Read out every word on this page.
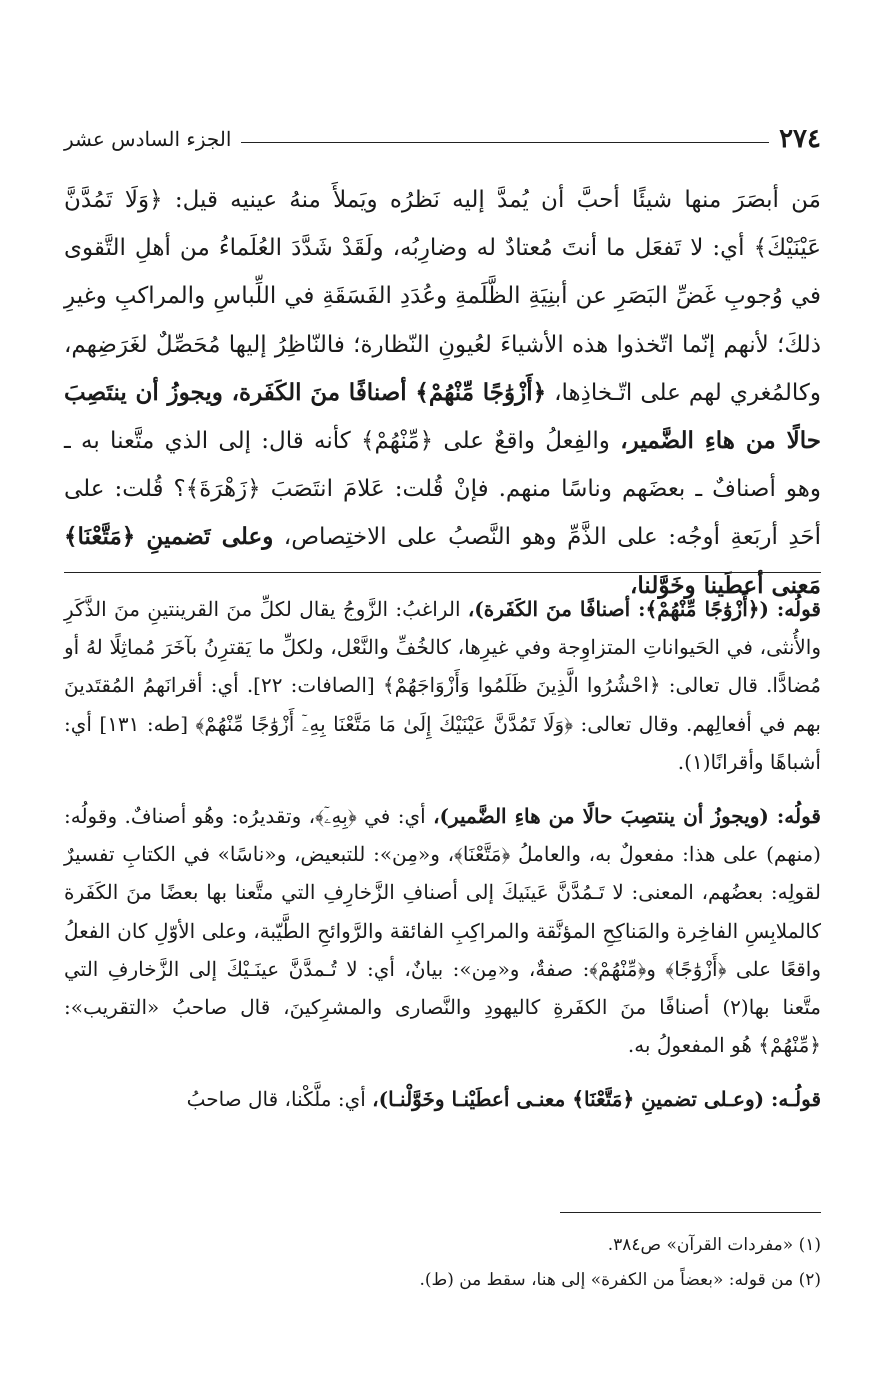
٢٧٤
الجزء السادس عشر

مَن أبصَرَ منها شيئًا أحبَّ أن يُمدَّ إليه نَظرُه ويَملأَ منهُ عينيه قيل: ﴿وَلَا تَمُدَّنَّ عَيْنَيْكَ﴾ أي: لا تَفعَل ما أنتَ مُعتادٌ له وضارِبُه، ولَقَدْ شَدَّدَ العُلَماءُ من أهلِ التَّقوى في وُجوبِ غَضِّ البَصَرِ عن أبنِيَةِ الظَّلَمةِ وعُدَدِ الفَسَقَةِ في اللِّباسِ والمراكبِ وغيرِ ذلكَ؛ لأنهم إنّما اتّخذوا هذه الأشياءَ لعُيونِ النّظارة؛ فالنّاظِرُ إليها مُحَصِّلٌ لغَرَضِهم، وكالمُغري لهم على اتّـخاذِها، ﴿أَزْوَٰجًا مِّنْهُمْ﴾ أصنافًا منَ الكَفَرة، ويجوزُ أن ينتَصِبَ حالًا من هاءِ الضَّمير، والفِعلُ واقعٌ على ﴿مِّنْهُمْ﴾ كأنه قال: إلى الذي متَّعنا به ـ وهو أصنافٌ ـ بعضَهم وناسًا منهم. فإنْ قُلت: عَلامَ انتَصَبَ ﴿زَهْرَةَ﴾؟ قُلت: على أحَدِ أربَعةِ أوجُه: على الذَّمِّ وهو النَّصبُ على الاختِصاص، وعلى تَضمينِ ﴿مَتَّعْنَا﴾ مَعنى أعطَينا وخَوَّلنا،

قولُه: (﴿أَزْوَٰجًا مِّنْهُمْ﴾: أصنافًا منَ الكَفَرة)، الراغبُ: الزَّوجُ يقال لكلِّ منَ القرينتينِ منَ الذَّكَرِ والأُنثى، في الحَيواناتِ المتزاوِجة وفي غيرِها، كالخُفِّ والنَّعْل، ولكلِّ ما يَقترِنُ بآخَرَ مُماثِلًا لهُ أو مُضادًّا. قال تعالى: ﴿احْشُرُوا الَّذِينَ ظَلَمُوا وَأَزْوَاجَهُمْ﴾ [الصافات: ٢٢]. أي: أقرانَهمُ المُقتَدينَ بهم في أفعالِهم. وقال تعالى: ﴿وَلَا تَمُدَّنَّ عَيْنَيْكَ إِلَىٰ مَا مَتَّعْنَا بِهِۦٓ أَزْوَٰجًا مِّنْهُمْ﴾ [طه: ١٣١] أي: أشباهًا وأقرانًا(١).

قولُه: (ويجوزُ أن ينتصِبَ حالًا من هاءِ الضَّمير)، أي: في ﴿بِهِۦٓ﴾، وتقديرُه: وهُو أصنافٌ. وقولُه: (منهم) على هذا: مفعولٌ به، والعاملُ ﴿مَتَّعْنَا﴾، و«مِن»: للتبعيض، و«ناسًا» في الكتابِ تفسيرٌ لقولِه: بعضُهم، المعنى: لا تَـمُدَّنَّ عَينَيكَ إلى أصنافِ الزَّخارِفِ التي متَّعنا بها بعضًا منَ الكَفَرة كالملابِسِ الفاخِرة والمَناكِحِ المؤنَّقة والمراكِبِ الفائقة والرَّوائحِ الطَّيّبة، وعلى الأوّلِ كان الفعلُ واقعًا على ﴿أَزْوَٰجًا﴾ و﴿مِّنْهُمْ﴾: صفةٌ، و«مِن»: بيانٌ، أي: لا تُـمدَّنَّ عينَـيْكَ إلى الزَّخارفِ التي متَّعنا بها(٢) أصنافًا منَ الكفَرةِ كاليهودِ والنَّصارى والمشرِكينَ، قال صاحبُ «التقريب»: ﴿مِّنْهُمْ﴾ هُو المفعولُ به.

قولُـه: (وعـلى تضمينِ ﴿مَتَّعْنَا﴾ معنـى أعطَيْنـا وخَوَّلْنـا)، أي: ملَّكْنا، قال صاحبُ

(١) «مفردات القرآن» ص٣٨٤.

(٢) من قوله: «بعضاً من الكفرة» إلى هنا، سقط من (ط).
